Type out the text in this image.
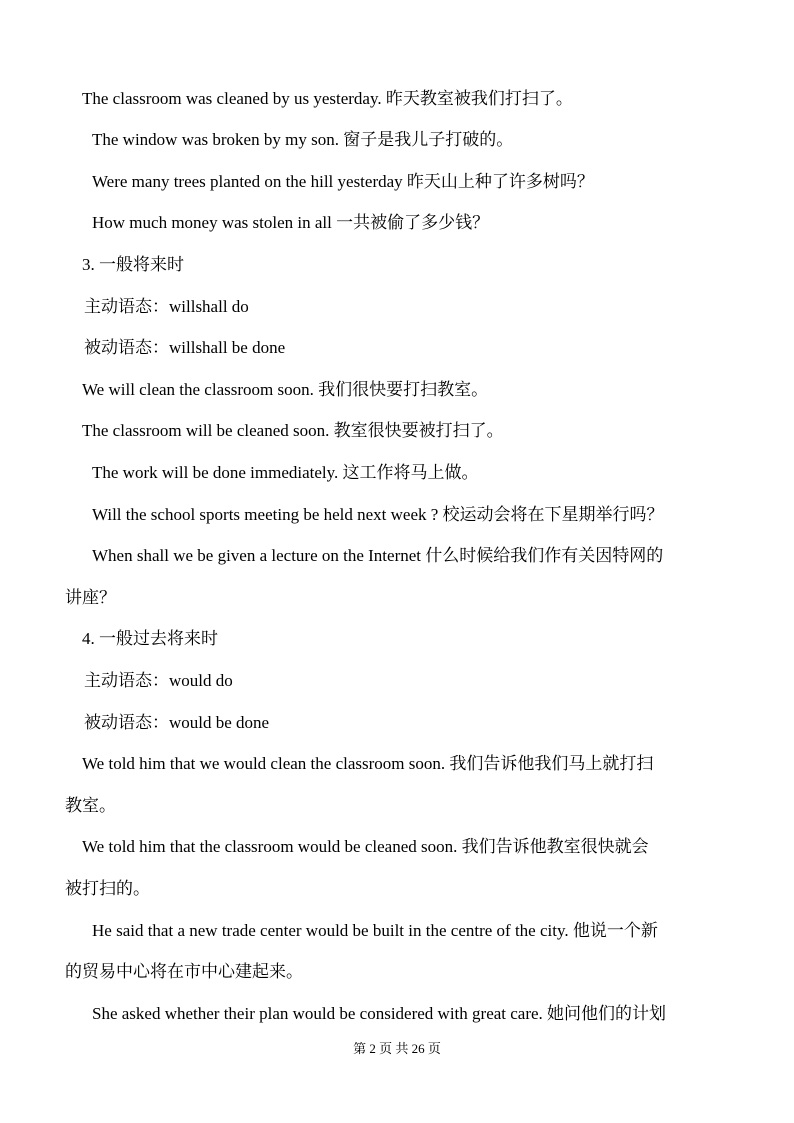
The classroom was cleaned by us yesterday. 昨天教室被我们打扫了。
The window was broken by my son. 窗子是我儿子打破的。
Were many trees planted on the hill yesterday 昨天山上种了许多树吗？
How much money was stolen in all 一共被偷了多少钱？
3. 一般将来时
主动语态：willshall do
被动语态：willshall be done
We will clean the classroom soon. 我们很快要打扫教室。
The classroom will be cleaned soon. 教室很快要被打扫了。
The work will be done immediately. 这工作将马上做。
Will the school sports meeting be held next week ? 校运动会将在下星期举行吗？
When shall we be given a lecture on the Internet 什么时候给我们作有关因特网的
讲座？
4. 一般过去将来时
主动语态：would do
被动语态：would be done
We told him that we would clean the classroom soon. 我们告诉他我们马上就打扫
教室。
We told him that the classroom would be cleaned soon. 我们告诉他教室很快就会
被打扫的。
He said that a new trade center would be built in the centre of the city. 他说一个新
的贸易中心将在市中心建起来。
She asked whether their plan would be considered with great care. 她问他们的计划
第 2 页 共 26 页
